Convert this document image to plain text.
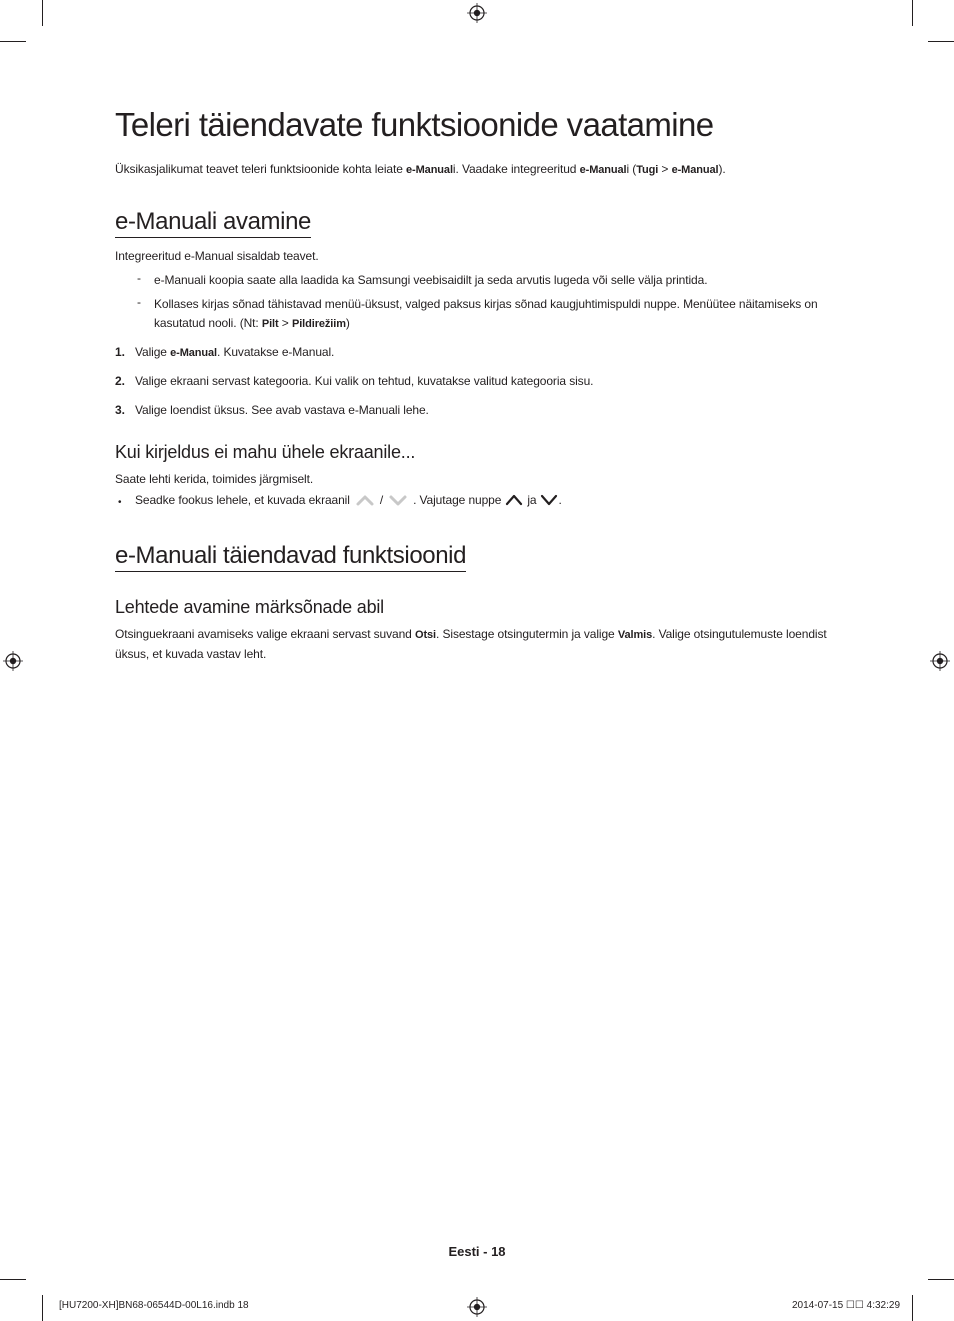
Teleri täiendavate funktsioonide vaatamine
Üksikasjalikumat teavet teleri funktsioonide kohta leiate e-Manuali. Vaadake integreeritud e-Manuali (Tugi > e-Manual).
e-Manuali avamine
Integreeritud e-Manual sisaldab teavet.
- e-Manuali koopia saate alla laadida ka Samsungi veebisaidilt ja seda arvutis lugeda või selle välja printida.
- Kollases kirjas sõnad tähistavad menüü-üksust, valged paksus kirjas sõnad kaugjuhtimispuldi nuppe. Menüütee näitamiseks on kasutatud nooli. (Nt: Pilt > Pildirežiim)
1. Valige e-Manual. Kuvatakse e-Manual.
2. Valige ekraani servast kategooria. Kui valik on tehtud, kuvatakse valitud kategooria sisu.
3. Valige loendist üksus. See avab vastava e-Manuali lehe.
Kui kirjeldus ei mahu ühele ekraanile...
Saate lehti kerida, toimides järgmiselt.
• Seadke fookus lehele, et kuvada ekraanil	/	. Vajutage nuppe ja .
e-Manuali täiendavad funktsioonid
Lehtede avamine märksõnade abil
Otsinguekraani avamiseks valige ekraani servast suvand Otsi. Sisestage otsingutermin ja valige Valmis. Valige otsingutulemuste loendist üksus, et kuvada vastav leht.
Eesti - 18
[HU7200-XH]BN68-06544D-00L16.indb 18	2014-07-15 ☐☐ 4:32:29
